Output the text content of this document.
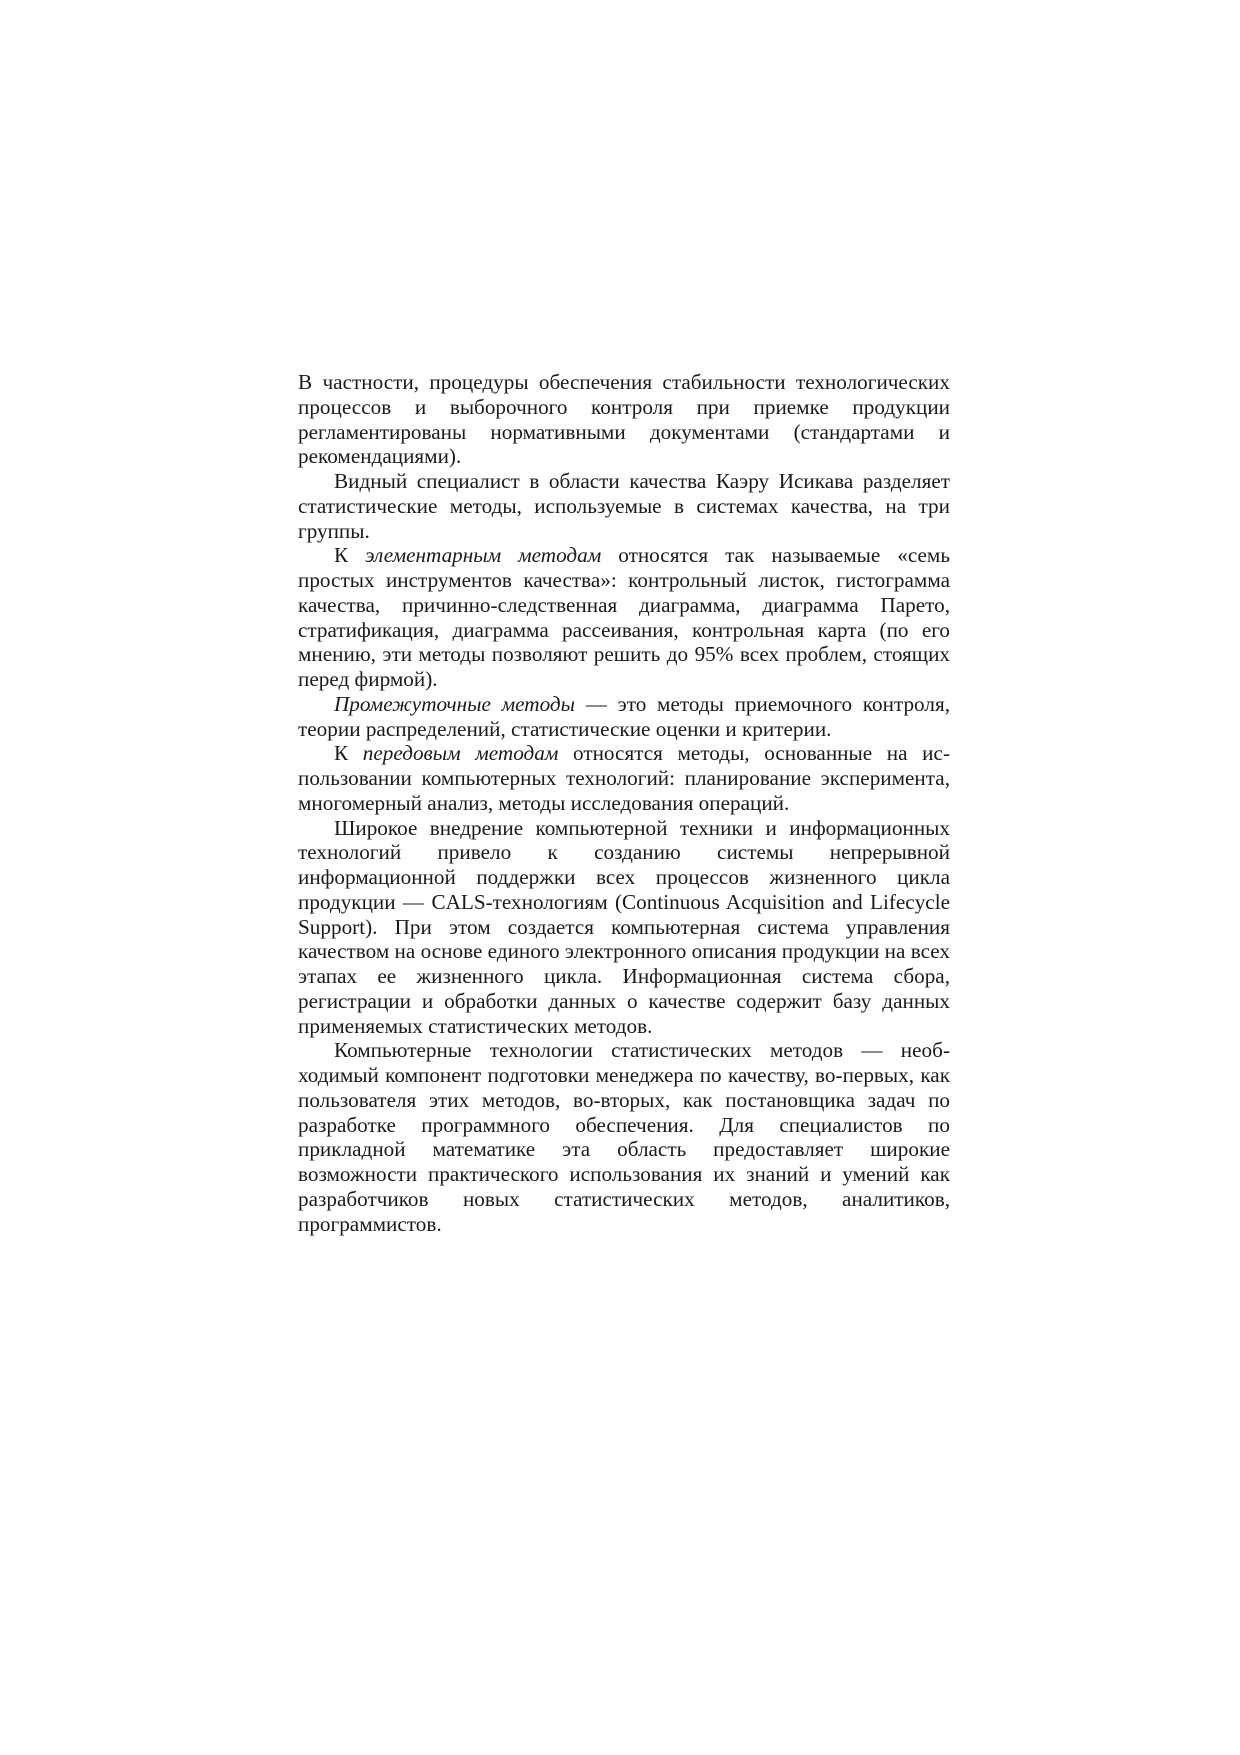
В частности, процедуры обеспечения стабильности технологических процессов и выборочного контроля при приемке продукции регламентированы нормативными документами (стандартами и рекомендациями).

Видный специалист в области качества Каэру Исикава разделяет статистические методы, используемые в системах качества, на три группы.

К элементарным методам относятся так называемые «семь простых инструментов качества»: контрольный листок, гистограмма качества, причинно-следственная диаграмма, диаграмма Парето, стратификация, диаграмма рассеивания, контрольная карта (по его мнению, эти методы позволяют решить до 95% всех проблем, стоящих перед фирмой).

Промежуточные методы — это методы приемочного контроля, теории распределений, статистические оценки и критерии.

К передовым методам относятся методы, основанные на использовании компьютерных технологий: планирование эксперимента, многомерный анализ, методы исследования операций.

Широкое внедрение компьютерной техники и информационных технологий привело к созданию системы непрерывной информационной поддержки всех процессов жизненного цикла продукции — CALS-технологиям (Continuous Acquisition and Lifecycle Support). При этом создается компьютерная система управления качеством на основе единого электронного описания продукции на всех этапах ее жизненного цикла. Информационная система сбора, регистрации и обработки данных о качестве содержит базу данных применяемых статистических методов.

Компьютерные технологии статистических методов — необходимый компонент подготовки менеджера по качеству, во-первых, как пользователя этих методов, во-вторых, как постановщика задач по разработке программного обеспечения. Для специалистов по прикладной математике эта область предоставляет широкие возможности практического использования их знаний и умений как разработчиков новых статистических методов, аналитиков, программистов.
